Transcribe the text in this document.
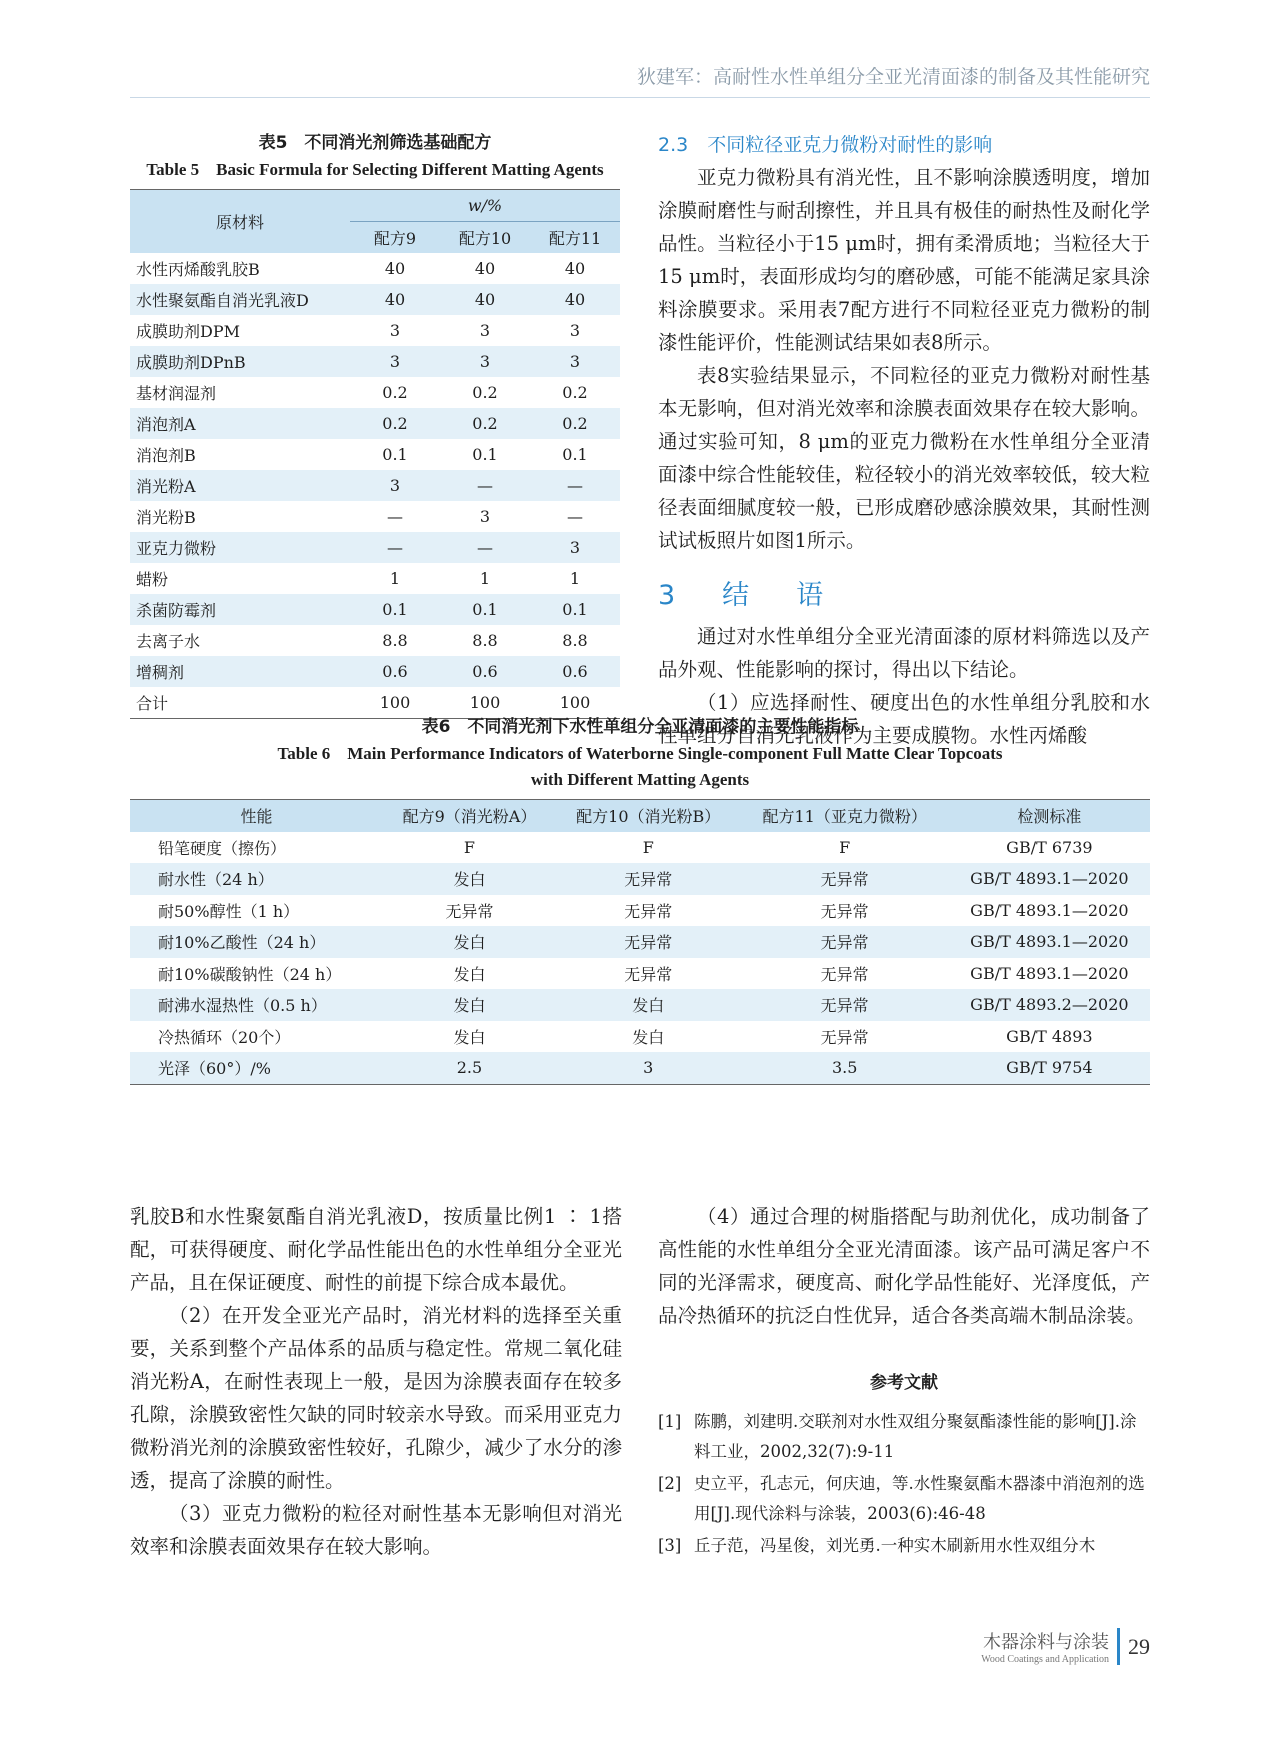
狄建军：高耐性水性单组分全亚光清面漆的制备及其性能研究
表5　不同消光剂筛选基础配方
Table 5　Basic Formula for Selecting Different Matting Agents
原材料	w/%		
	配方9	配方10	配方11
水性丙烯酸乳胶B	40	40	40
水性聚氨酯自消光乳液D	40	40	40
成膜助剂DPM	3	3	3
成膜助剂DPnB	3	3	3
基材润湿剂	0.2	0.2	0.2
消泡剂A	0.2	0.2	0.2
消泡剂B	0.1	0.1	0.1
消光粉A	3	—	—
消光粉B	—	3	—
亚克力微粉	—	—	3
蜡粉	1	1	1
杀菌防霉剂	0.1	0.1	0.1
去离子水	8.8	8.8	8.8
增稠剂	0.6	0.6	0.6
合计	100	100	100
2.3　不同粒径亚克力微粉对耐性的影响

亚克力微粉具有消光性，且不影响涂膜透明度，增加涂膜耐磨性与耐刮擦性，并且具有极佳的耐热性及耐化学品性。当粒径小于15 μm时，拥有柔滑质地；当粒径大于15 μm时，表面形成均匀的磨砂感，可能不能满足家具涂料涂膜要求。采用表7配方进行不同粒径亚克力微粉的制漆性能评价，性能测试结果如表8所示。

表8实验结果显示，不同粒径的亚克力微粉对耐性基本无影响，但对消光效率和涂膜表面效果存在较大影响。通过实验可知，8 μm的亚克力微粉在水性单组分全亚清面漆中综合性能较佳，粒径较小的消光效率较低，较大粒径表面细腻度较一般，已形成磨砂感涂膜效果，其耐性测试试板照片如图1所示。

3　结　语

通过对水性单组分全亚光清面漆的原材料筛选以及产品外观、性能影响的探讨，得出以下结论。

（1）应选择耐性、硬度出色的水性单组分乳胶和水性单组分自消光乳液作为主要成膜物。水性丙烯酸

表6　不同消光剂下水性单组分全亚清面漆的主要性能指标
Table 6　Main Performance Indicators of Waterborne Single-component Full Matte Clear Topcoats with Different Matting Agents
性能	配方9（消光粉A）	配方10（消光粉B）	配方11（亚克力微粉）	检测标准
铅笔硬度（擦伤）	F	F	F	GB/T 6739
耐水性（24 h）	发白	无异常	无异常	GB/T 4893.1—2020
耐50%醇性（1 h）	无异常	无异常	无异常	GB/T 4893.1—2020
耐10%乙酸性（24 h）	发白	无异常	无异常	GB/T 4893.1—2020
耐10%碳酸钠性（24 h）	发白	无异常	无异常	GB/T 4893.1—2020
耐沸水湿热性（0.5 h）	发白	发白	无异常	GB/T 4893.2—2020
冷热循环（20个）	发白	发白	无异常	GB/T 4893
光泽（60°）/%	2.5	3	3.5	GB/T 9754

乳胶B和水性聚氨酯自消光乳液D，按质量比例1 ∶ 1搭配，可获得硬度、耐化学品性能出色的水性单组分全亚光产品，且在保证硬度、耐性的前提下综合成本最优。

（2）在开发全亚光产品时，消光材料的选择至关重要，关系到整个产品体系的品质与稳定性。常规二氧化硅消光粉A，在耐性表现上一般，是因为涂膜表面存在较多孔隙，涂膜致密性欠缺的同时较亲水导致。而采用亚克力微粉消光剂的涂膜致密性较好，孔隙少，减少了水分的渗透，提高了涂膜的耐性。

（3）亚克力微粉的粒径对耐性基本无影响但对消光效率和涂膜表面效果存在较大影响。

（4）通过合理的树脂搭配与助剂优化，成功制备了高性能的水性单组分全亚光清面漆。该产品可满足客户不同的光泽需求，硬度高、耐化学品性能好、光泽度低，产品冷热循环的抗泛白性优异，适合各类高端木制品涂装。

参考文献
[1] 陈鹏，刘建明.交联剂对水性双组分聚氨酯漆性能的影响[J].涂料工业，2002,32(7):9-11
[2] 史立平，孔志元，何庆迪，等.水性聚氨酯木器漆中消泡剂的选用[J].现代涂料与涂装，2003(6):46-48
[3] 丘子范，冯星俊，刘光勇.一种实木刷新用水性双组分木
木器涂料与涂装
Wood Coatings and Application
29
